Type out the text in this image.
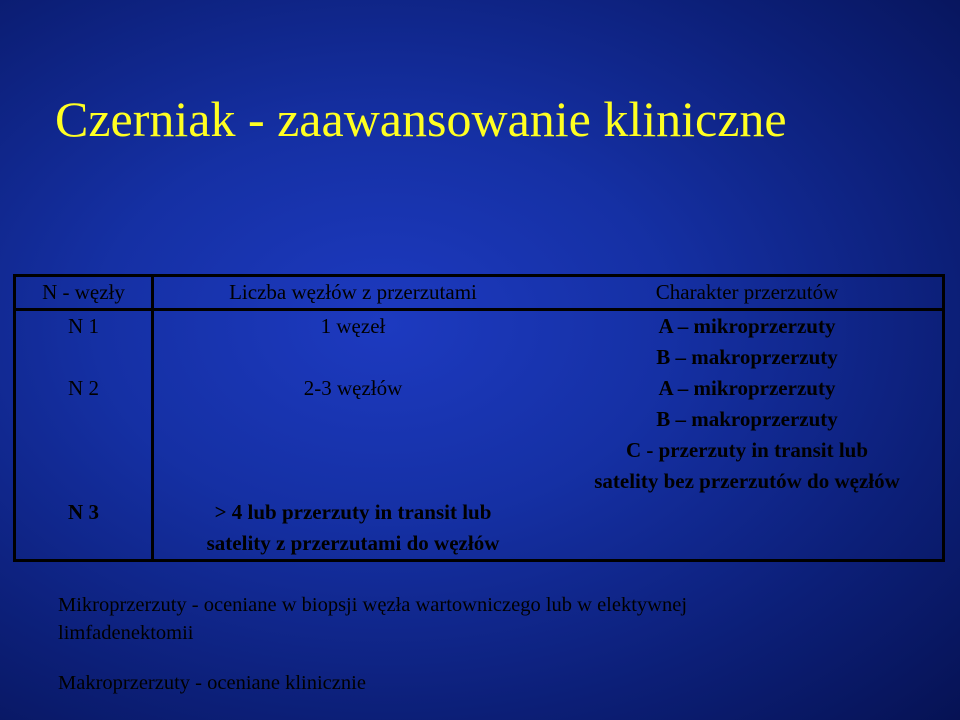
Czerniak - zaawansowanie kliniczne
N - węzły	Liczba węzłów z przerzutami	Charakter przerzutów
N 1	1 węzeł	A – mikroprzerzuty
B – makroprzerzuty

N 2	2-3 węzłów	A – mikroprzerzuty
B – makroprzerzuty
C - przerzuty in transit lub
satelity bez przerzutów do węzłów

N 3	> 4 lub przerzuty in transit lub
satelity z przerzutami do węzłów	

Mikroprzerzuty - oceniane w biopsji węzła wartowniczego lub w elektywnej
limfadenektomii
Makroprzerzuty - oceniane klinicznie
